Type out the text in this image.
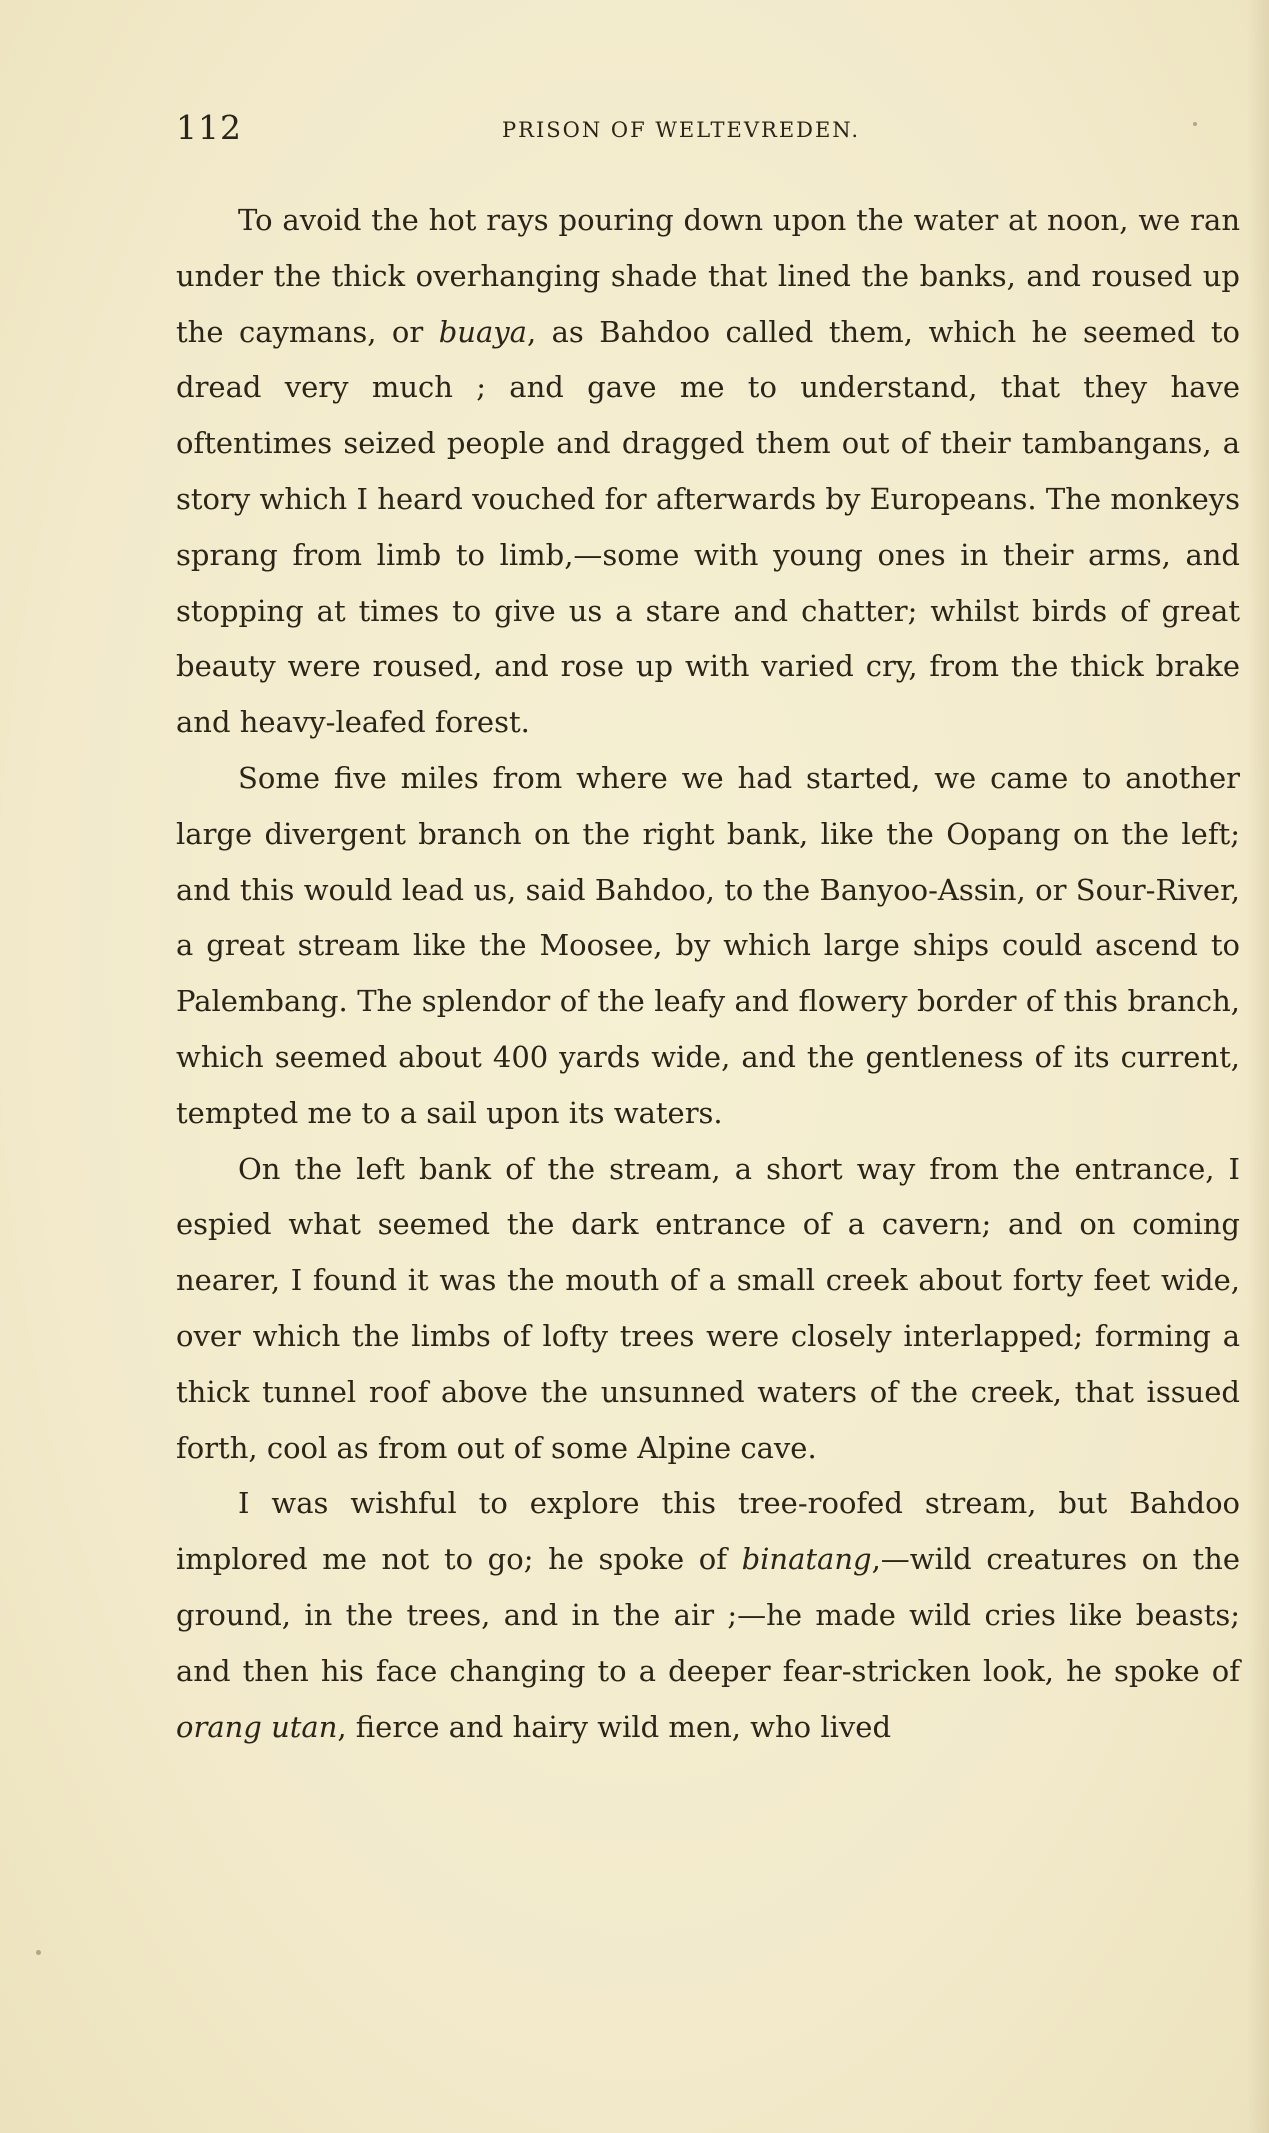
112	PRISON OF WELTEVREDEN.

To avoid the hot rays pouring down upon the water at noon, we ran under the thick overhanging shade that lined the banks, and roused up the caymans, or buaya, as Bahdoo called them, which he seemed to dread very much ; and gave me to understand, that they have oftentimes seized people and dragged them out of their tambangans, a story which I heard vouched for afterwards by Europeans. The monkeys sprang from limb to limb,—some with young ones in their arms, and stopping at times to give us a stare and chatter; whilst birds of great beauty were roused, and rose up with varied cry, from the thick brake and heavy-leafed forest.

Some five miles from where we had started, we came to another large divergent branch on the right bank, like the Oopang on the left; and this would lead us, said Bahdoo, to the Banyoo-Assin, or Sour-River, a great stream like the Moosee, by which large ships could ascend to Palembang. The splendor of the leafy and flowery border of this branch, which seemed about 400 yards wide, and the gentleness of its current, tempted me to a sail upon its waters.

On the left bank of the stream, a short way from the entrance, I espied what seemed the dark entrance of a cavern; and on coming nearer, I found it was the mouth of a small creek about forty feet wide, over which the limbs of lofty trees were closely interlapped; forming a thick tunnel roof above the unsunned waters of the creek, that issued forth, cool as from out of some Alpine cave.

I was wishful to explore this tree-roofed stream, but Bahdoo implored me not to go; he spoke of binatang,—wild creatures on the ground, in the trees, and in the air ;—he made wild cries like beasts; and then his face changing to a deeper fear-stricken look, he spoke of orang utan, fierce and hairy wild men, who lived
